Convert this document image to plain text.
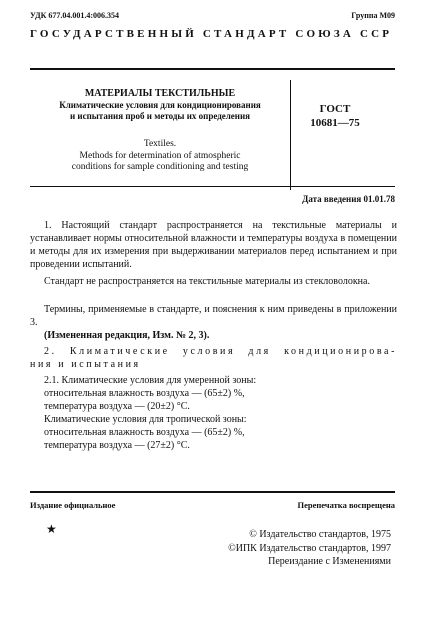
УДК 677.04.001.4:006.354	Группа М09
ГОСУДАРСТВЕННЫЙ СТАНДАРТ СОЮЗА ССР
МАТЕРИАЛЫ ТЕКСТИЛЬНЫЕ
Климатические условия для кондиционирования
и испытания проб и методы их определения
ГОСТ
10681—75
Textiles.
Methods for determination of atmospheric
conditions for sample conditioning and testing
Дата введения 01.01.78
1. Настоящий стандарт распространяется на текстильные материалы и устанавливает нормы относительной влажности и температуры воздуха в помещении и методы для их измерения при выдерживании материалов перед испытанием и при проведении испытаний.
Стандарт не распространяется на текстильные материалы из стекловолокна.
Термины, применяемые в стандарте, и пояснения к ним приведены в приложении 3.
(Измененная редакция, Изм. № 2, 3).
2. Климатические условия для кондиционирова-
ния и испытания
2.1. Климатические условия для умеренной зоны:
относительная влажность воздуха — (65±2) %,
температура воздуха — (20±2) °С.
Климатические условия для тропической зоны:
относительная влажность воздуха — (65±2) %,
температура воздуха — (27±2) °С.
Издание официальное	Перепечатка воспрещена
★	© Издательство стандартов, 1975
©ИПК Издательство стандартов, 1997
Переиздание с Изменениями
